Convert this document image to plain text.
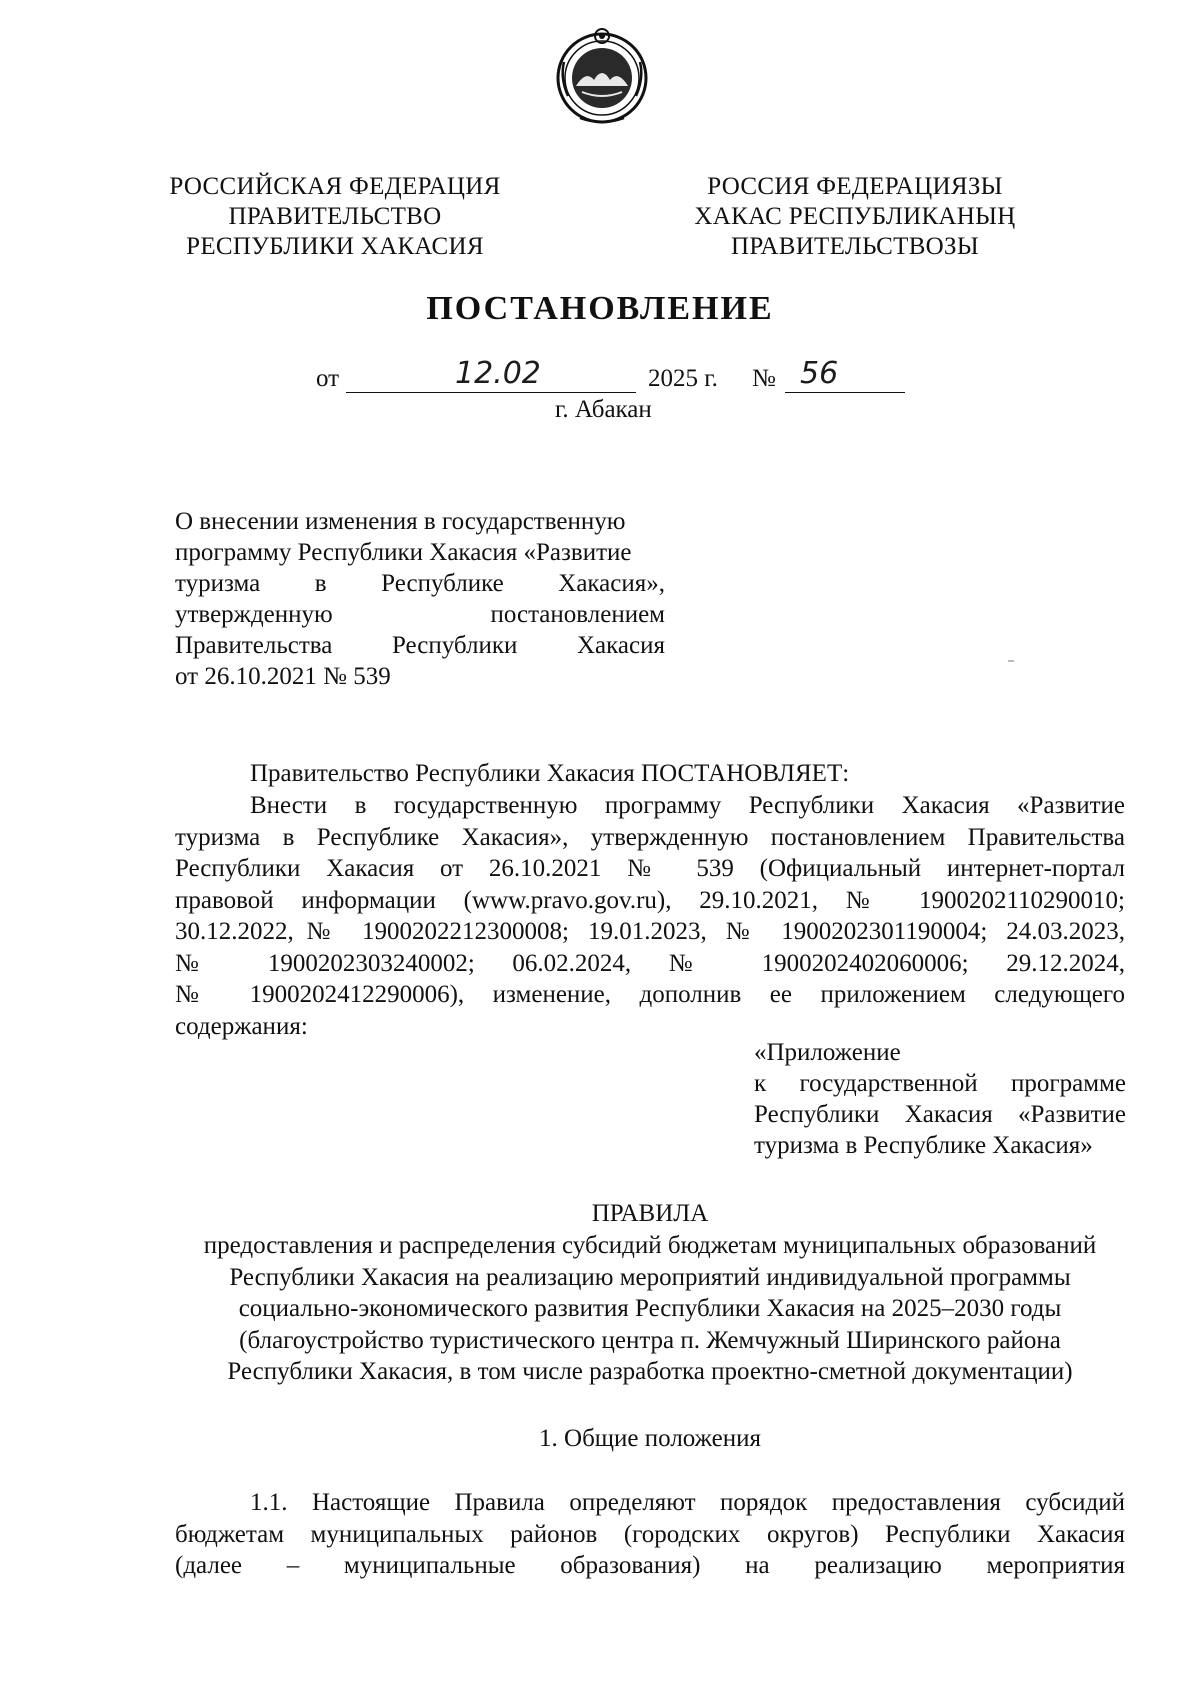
РОССИЙСКАЯ ФЕДЕРАЦИЯ
ПРАВИТЕЛЬСТВО
РЕСПУБЛИКИ ХАКАСИЯ
РОССИЯ ФЕДЕРАЦИЯЗЫ
ХАКАС РЕСПУБЛИКАНЫҢ
ПРАВИТЕЛЬСТВОЗЫ
ПОСТАНОВЛЕНИЕ
от	12.02	2025 г. № 56
г. Абакан
О внесении изменения в государственную
программу Республики Хакасия «Развитие
туризма в Республике Хакасия»,
утвержденную постановлением
Правительства Республики Хакасия
от 26.10.2021 № 539
Правительство Республики Хакасия ПОСТАНОВЛЯЕТ:
Внести в государственную программу Республики Хакасия «Развитие
туризма в Республике Хакасия», утвержденную постановлением Правительства
Республики Хакасия от 26.10.2021 № 539 (Официальный интернет-портал
правовой информации (www.pravo.gov.ru), 29.10.2021, № 1900202110290010;
30.12.2022,№ 1900202212300008; 19.01.2023, № 1900202301190004; 24.03.2023,
№ 1900202303240002; 06.02.2024, № 1900202402060006; 29.12.2024,
№ 1900202412290006), изменение, дополнив ее приложением следующего
содержания:
«Приложение
к государственной программе
Республики Хакасия «Развитие
туризма в Республике Хакасия»
ПРАВИЛА
предоставления и распределения субсидий бюджетам муниципальных образований
Республики Хакасия на реализацию мероприятий индивидуальной программы
социально-экономического развития Республики Хакасия на 2025–2030 годы
(благоустройство туристического центра п. Жемчужный Ширинского района
Республики Хакасия, в том числе разработка проектно-сметной документации)
1. Общие положения
1.1. Настоящие Правила определяют порядок предоставления субсидий
бюджетам муниципальных районов (городских округов) Республики Хакасия
(далее – муниципальные образования) на реализацию мероприятия
